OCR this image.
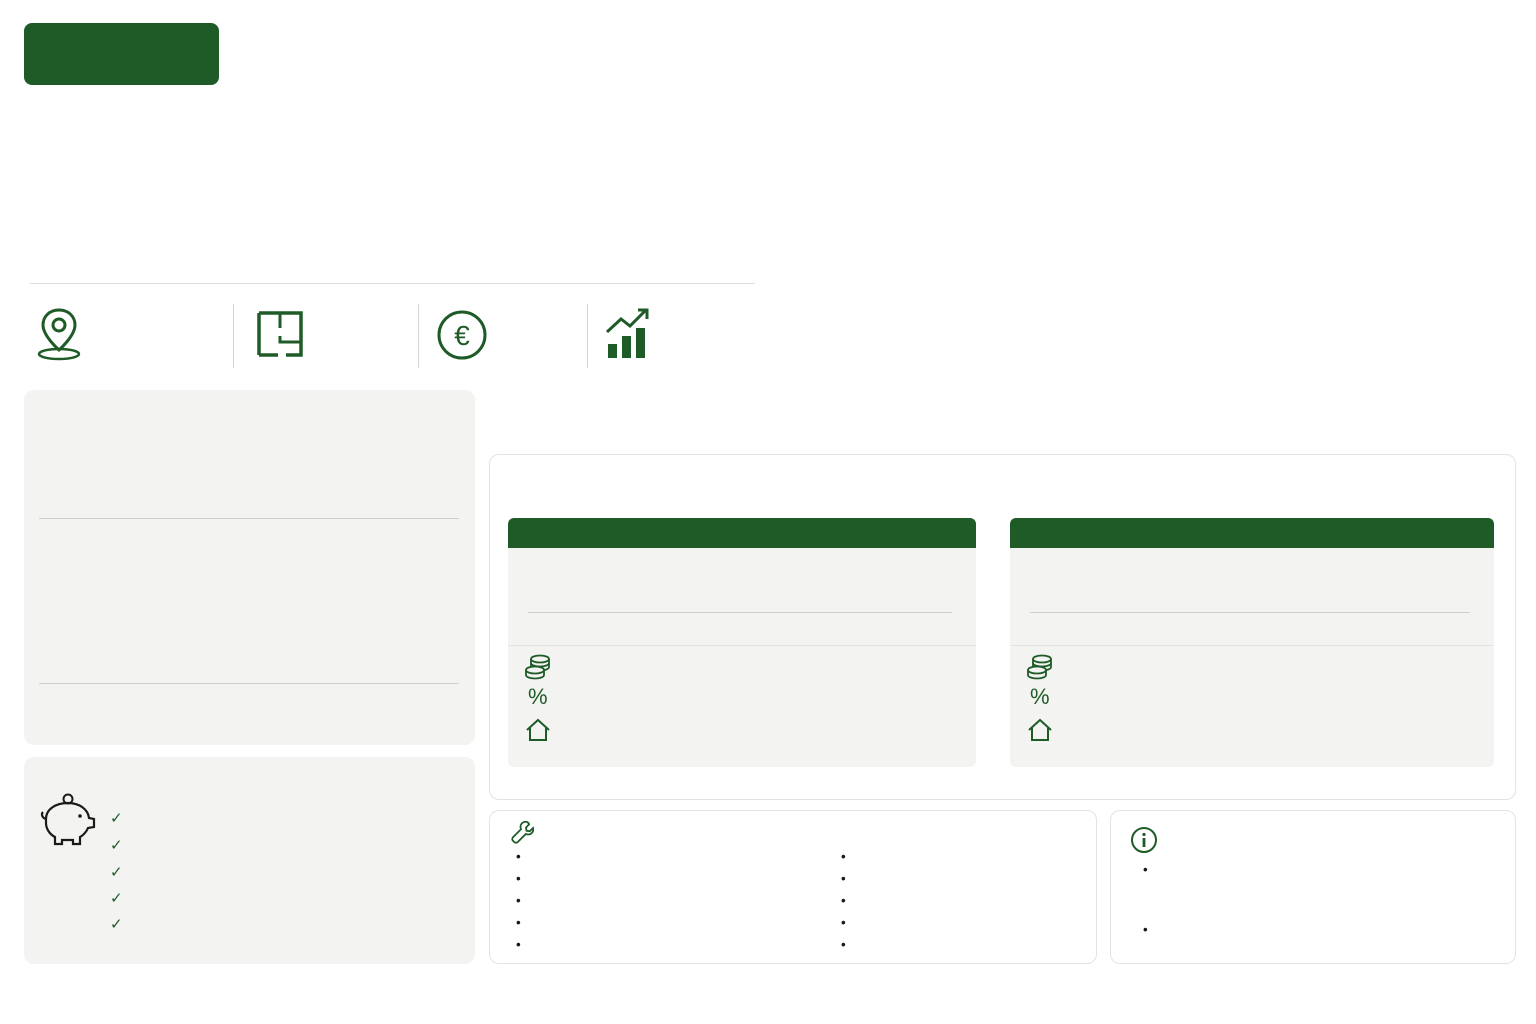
€

✓
✓
✓
✓
✓
%	%
